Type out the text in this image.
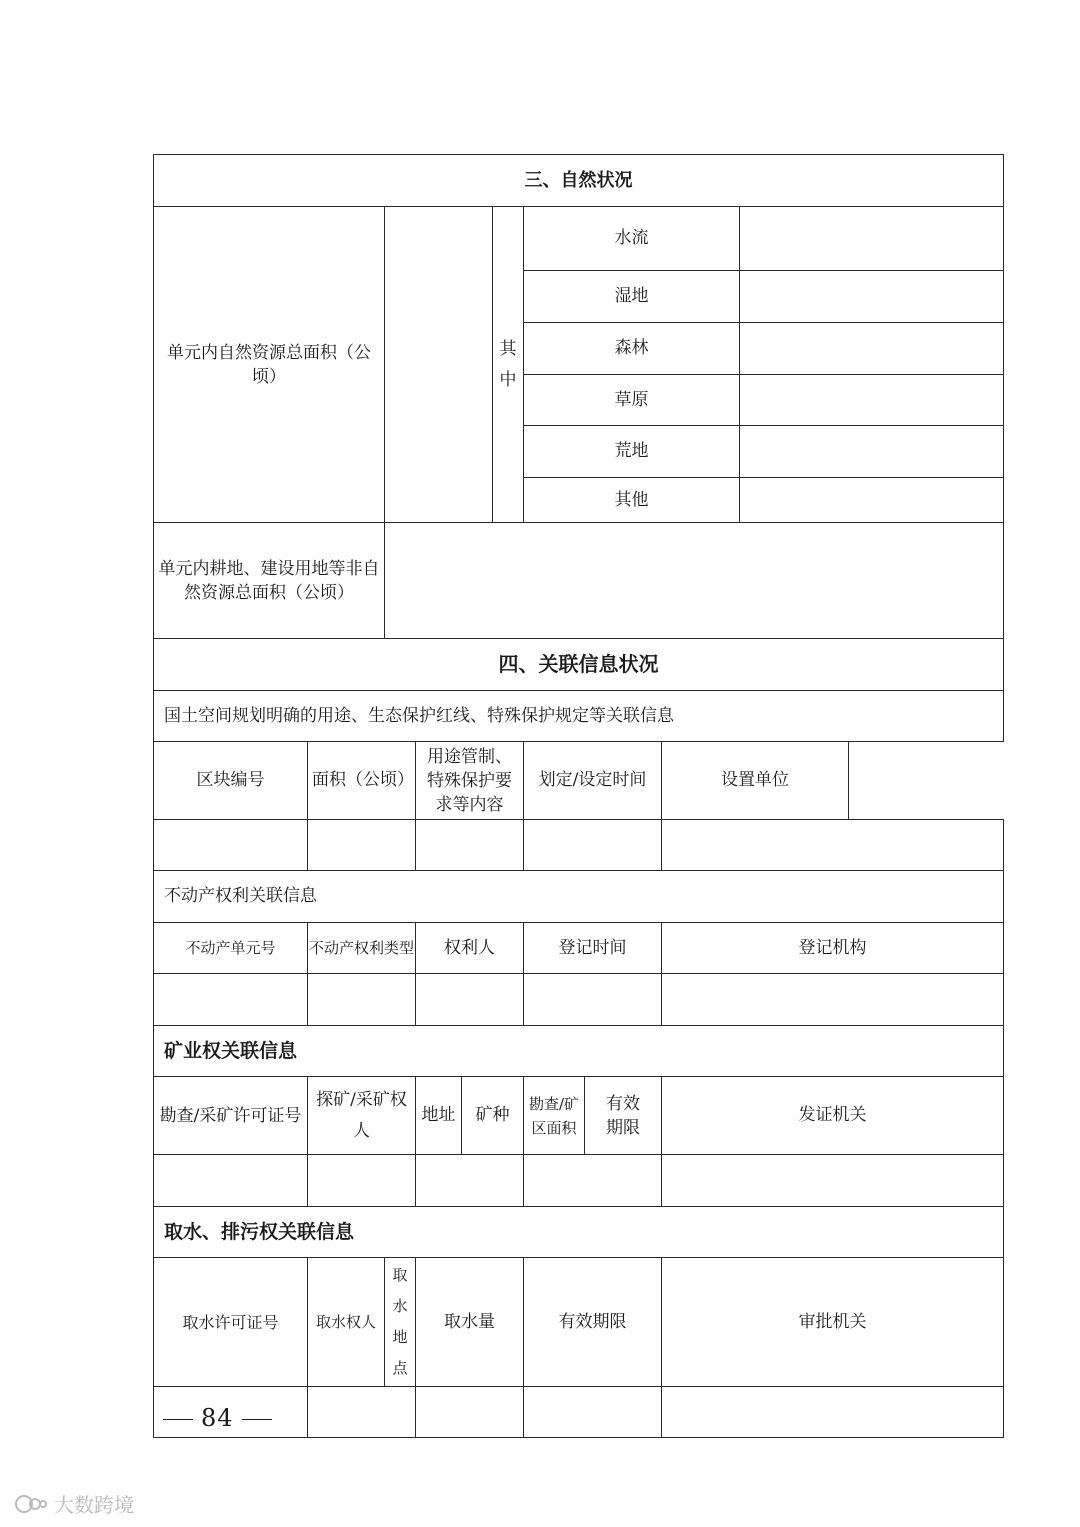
三、自然状况									
单元内自然资源总面积（公顷）					其中	水流			
						湿地			
						森林			
						草原			
						荒地			
						其他			
单元内耕地、建设用地等非自然资源总面积（公顷）									
四、关联信息状况									
国土空间规划明确的用途、生态保护红线、特殊保护规定等关联信息									
区块编号	面积（公顷）		用途管制、特殊保护要求等内容			划定/设定时间		设置单位

不动产权利关联信息									
不动产单元号	不动产权利类型		权利人			登记时间		登记机构	

矿业权关联信息									
勘查/采矿许可证号	探矿/采矿权人		地址	矿种		勘查/矿区面积	有效期限	发证机关	

取水、排污权关联信息									
取水许可证号	取水权人	取水地点	取水量			有效期限		审批机关	

84
大数跨境
